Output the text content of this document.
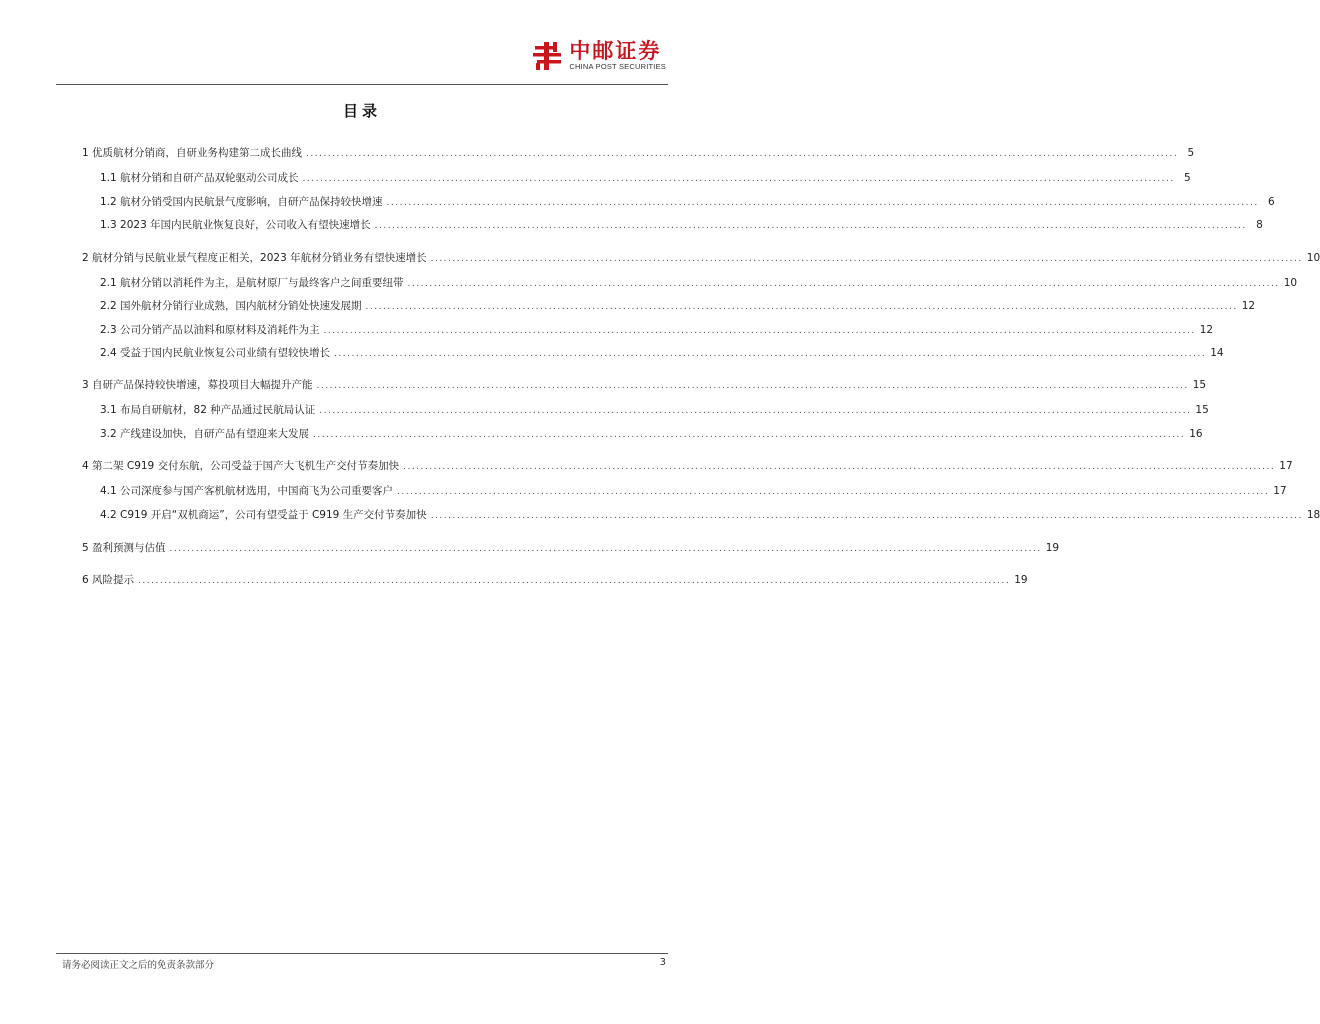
中邮证券
CHINA POST SECURITIES
目录
1 优质航材分销商，自研业务构建第二成长曲线 ........................................................................................................................................................................................................ 5
1.1 航材分销和自研产品双轮驱动公司成长 ........................................................................................................................................................................................................ 5
1.2 航材分销受国内民航景气度影响，自研产品保持较快增速 ........................................................................................................................................................................................................ 6
1.3 2023 年国内民航业恢复良好，公司收入有望快速增长 ........................................................................................................................................................................................................ 8
2 航材分销与民航业景气程度正相关，2023 年航材分销业务有望快速增长 ........................................................................................................................................................................................................ 10
2.1 航材分销以消耗件为主，是航材原厂与最终客户之间重要纽带 ........................................................................................................................................................................................................ 10
2.2 国外航材分销行业成熟，国内航材分销处快速发展期 ........................................................................................................................................................................................................ 12
2.3 公司分销产品以油料和原材料及消耗件为主 ........................................................................................................................................................................................................ 12
2.4 受益于国内民航业恢复公司业绩有望较快增长 ........................................................................................................................................................................................................ 14
3 自研产品保持较快增速，募投项目大幅提升产能 ........................................................................................................................................................................................................ 15
3.1 布局自研航材，82 种产品通过民航局认证 ........................................................................................................................................................................................................ 15
3.2 产线建设加快，自研产品有望迎来大发展 ........................................................................................................................................................................................................ 16
4 第二架 C919 交付东航，公司受益于国产大飞机生产交付节奏加快 ........................................................................................................................................................................................................ 17
4.1 公司深度参与国产客机航材选用，中国商飞为公司重要客户 ........................................................................................................................................................................................................ 17
4.2 C919 开启“双机商运”，公司有望受益于 C919 生产交付节奏加快 ........................................................................................................................................................................................................ 18
5 盈利预测与估值 ........................................................................................................................................................................................................ 19
6 风险提示 ........................................................................................................................................................................................................ 19
请务必阅读正文之后的免责条款部分	3
